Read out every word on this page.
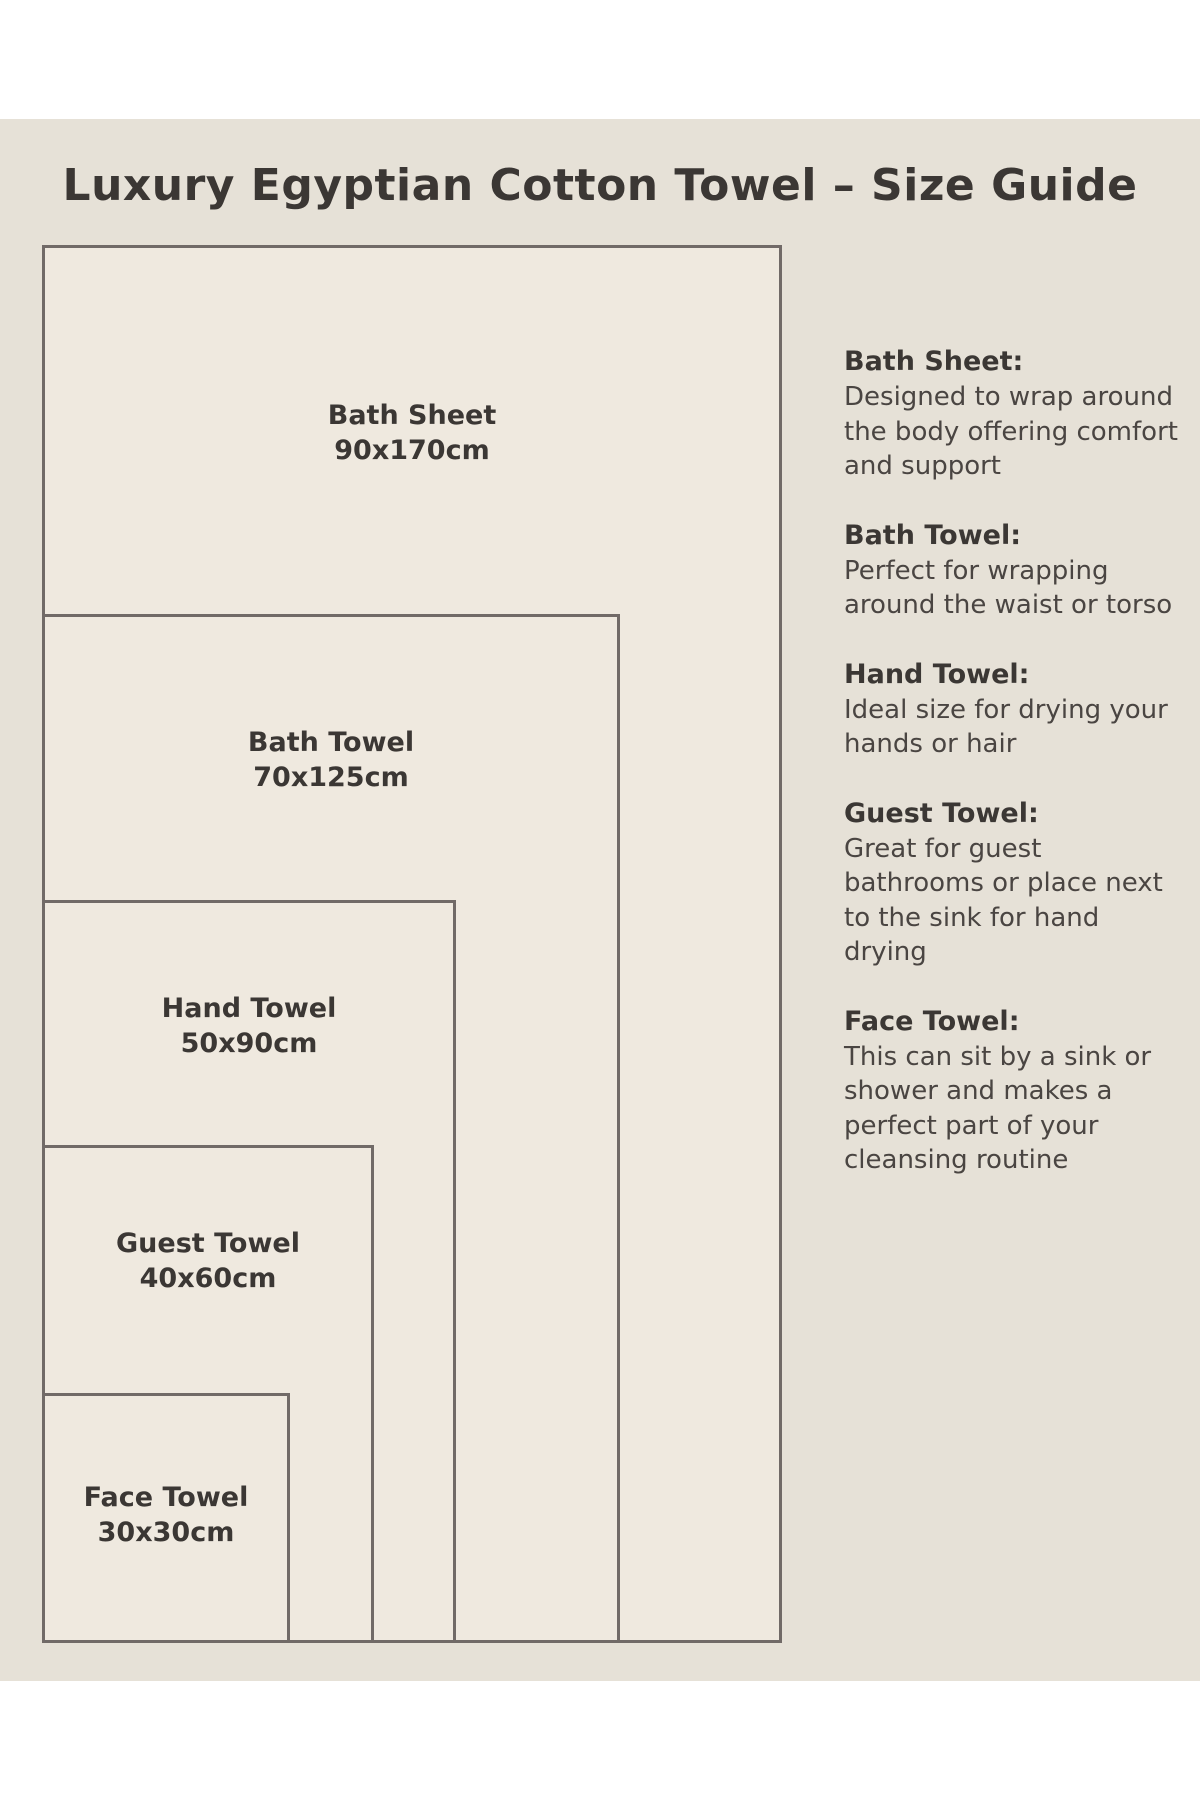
Luxury Egyptian Cotton Towel – Size Guide
Bath Sheet
90x170cm
Bath Towel
70x125cm
Hand Towel
50x90cm
Guest Towel
40x60cm
Face Towel
30x30cm
Bath Sheet:
Designed to wrap around the body offering comfort and support
Bath Towel:
Perfect for wrapping around the waist or torso
Hand Towel:
Ideal size for drying your hands or hair
Guest Towel:
Great for guest bathrooms or place next to the sink for hand drying
Face Towel:
This can sit by a sink or shower and makes a perfect part of your cleansing routine
